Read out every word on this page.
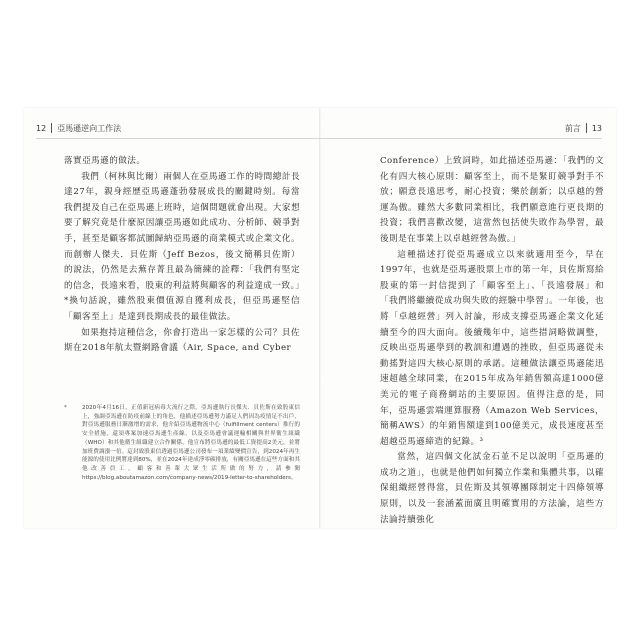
12 亞馬遜逆向工作法

落實亞馬遜的做法。

我們（柯林與比爾）兩個人在亞馬遜工作的時間總計長達27年，親身經歷亞馬遜蓬勃發展成長的關鍵時刻。每當我們提及自己在亞馬遜上班時，這個問題就會出現。大家想要了解究竟是什麼原因讓亞馬遜如此成功、分析師、競爭對手，甚至是顧客都試圖歸納亞馬遜的商業模式或企業文化。而創辦人傑夫．貝佐斯（Jeff Bezos，後文簡稱貝佐斯）的說法，仍然是去蕪存菁且最為簡練的詮釋：「我們有堅定的信念，長遠來看，股東的利益將與顧客的利益達成一致。」*換句話說，雖然股東價值源自獲利成長，但亞馬遜堅信「顧客至上」是達到長期成長的最佳做法。

如果抱持這種信念，你會打造出一家怎樣的公司？貝佐斯在2018年航太暨網路會議（Air, Space, and Cyber

*	2020年4月16日，正值新冠病毒大流行之際，亞馬遜執行長傑夫．貝佐斯在致股東信上，強調亞馬遜在防疫前線上的角色，他描述亞馬遜努力滿足人們因為疫情足不出戶，對亞馬遜服務日漸激增的需求，他介紹亞馬遜物流中心（fulfillment centers）推行的安全措施，還須專案加速亞馬遜生產線，以及亞馬遜會議運輸相關與世界衛生組織（WHO）和其他衛生組織建立合作關係。他宣布將亞馬遜的最低工資提高2美元，並將加班費調漲一倍。這封致股東信透過亞馬遜公司發布一項業績變價宣告，到2024年再生能源的使用比例將達到80%，並在2024年達成淨零碳排放，有關亞馬遜在這些方面和其他改善員工，顧客和善輩大眾生活所做的努力，請參閱 https://blog.aboutamazon.com/company-news/2019-letter-to-shareholders。
前言 13

Conference）上致詞時，如此描述亞馬遜：「我們的文化有四大核心原則：顧客至上，而不是緊盯競爭對手不放；願意長遠思考，耐心投資；樂於創新；以卓越的營運為傲。雖然大多數同業相比，我們願意進行更長期的投資；我們喜歡改變，這當然包括使失敗作為學習，最後則是在事業上以卓越經營為傲。」

這種描述打從亞馬遜成立以來就適用至今，早在1997年，也就是亞馬遜股票上市的第一年，貝佐斯寫給股東的第一封信提到了「顧客至上」、「長遠發展」和「我們將繼續從成功與失敗的經驗中學習」。一年後，也將「卓越經營」列入討論，形成支撐亞馬遜企業文化延續至今的四大面向。後續幾年中，這些措詞略做調整，反映出亞馬遜學到的教訓和遭遇的挫敗，但亞馬遜從未動搖對這四大核心原則的承諾。這種做法讓亞馬遜能迅速超越全球同業，在2015年成為年銷售額高達1000億美元的電子商務網站的主要原因。值得注意的是，同年，亞馬遜雲端運算服務（Amazon Web Services，簡稱AWS）的年銷售額達到100億美元，成長速度甚至超越亞馬遜締造的紀錄。³

當然，這四個文化試金石並不足以說明「亞馬遜的成功之道」，也就是他們如何獨立作業和集體共事，以確保組織經營得當，貝佐斯及其領導團隊制定十四條領導原則，以及一套涵蓋面廣且明確實用的方法論，這些方法論持續強化
